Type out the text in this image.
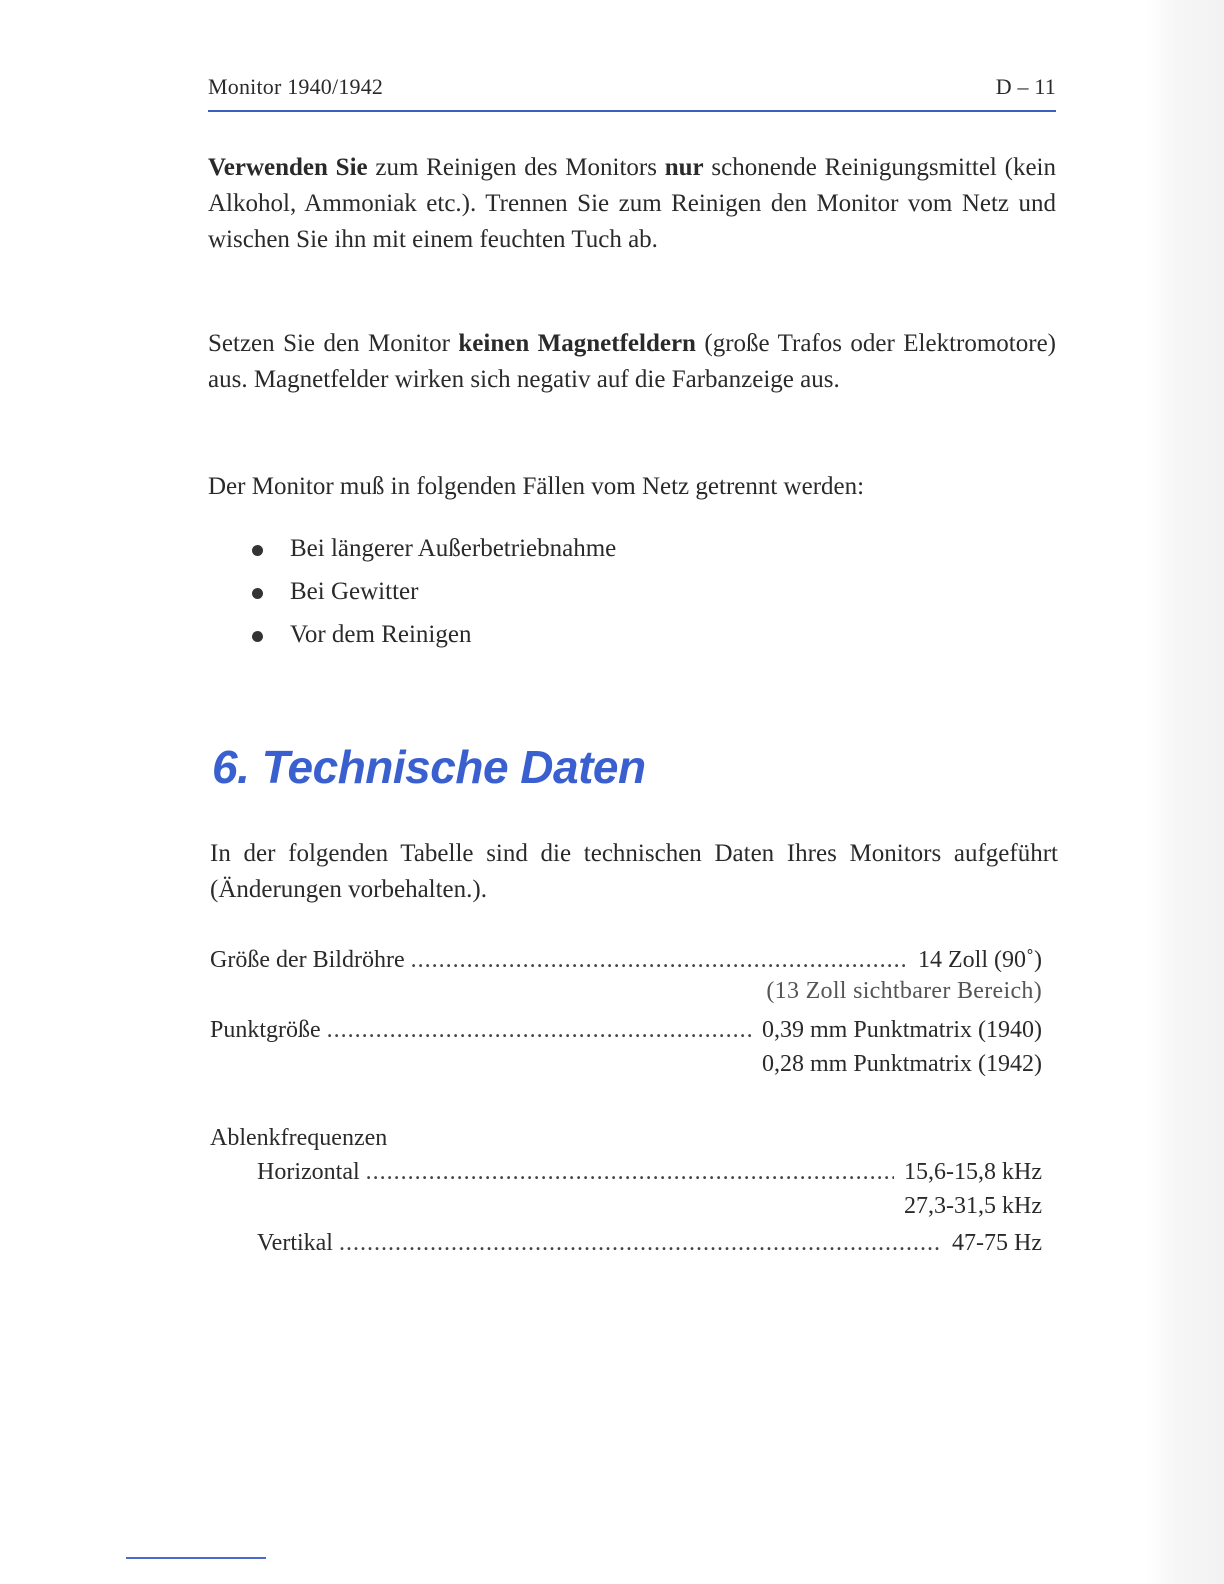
Monitor 1940/1942	D – 11

Verwenden Sie zum Reinigen des Monitors nur schonende Reinigungsmittel (kein Alkohol, Ammoniak etc.). Trennen Sie zum Reinigen den Monitor vom Netz und wischen Sie ihn mit einem feuchten Tuch ab.

Setzen Sie den Monitor keinen Magnetfeldern (große Trafos oder Elektromotore) aus. Magnetfelder wirken sich negativ auf die Farbanzeige aus.

Der Monitor muß in folgenden Fällen vom Netz getrennt werden:

Bei längerer Außerbetriebnahme
Bei Gewitter
Vor dem Reinigen
6. Technische Daten

In der folgenden Tabelle sind die technischen Daten Ihres Monitors aufgeführt (Änderungen vorbehalten.).

Größe der Bildröhre .....	14 Zoll (90˚)
(13 Zoll sichtbarer Bereich)
Punktgröße .....	0,39 mm Punktmatrix (1940)
0,28 mm Punktmatrix (1942)
Ablenkfrequenzen
Horizontal .....	15,6-15,8 kHz
27,3-31,5 kHz
Vertikal .....	47-75 Hz
